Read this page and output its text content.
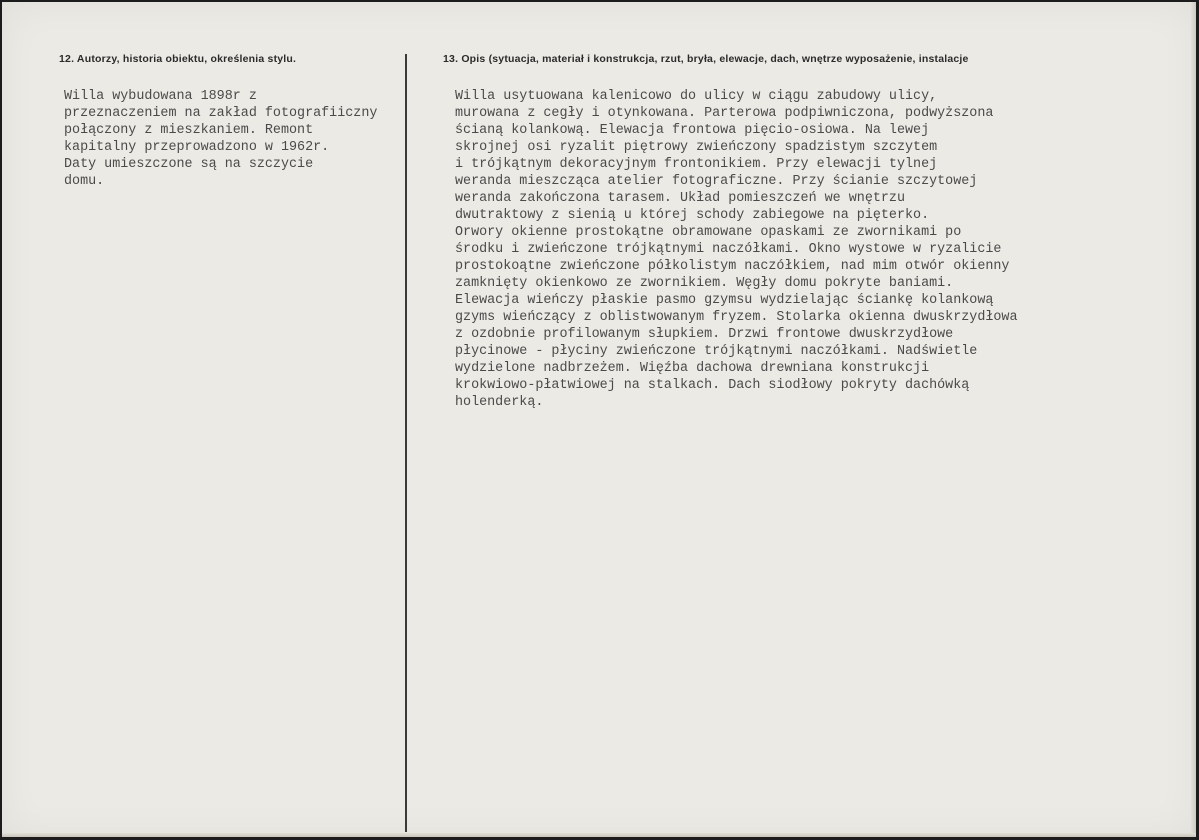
12. Autorzy, historia obiektu, określenia stylu.	13. Opis (sytuacja, materiał i konstrukcja, rzut, bryła, elewacje, dach, wnętrze wyposażenie, instalacje
Willa wybudowana 1898r z
przeznaczeniem na zakład fotografiiczny
połączony z mieszkaniem. Remont
kapitalny przeprowadzono w 1962r.
Daty umieszczone są na szczycie
domu.
Willa usytuowana kalenicowo do ulicy w ciągu zabudowy ulicy,
murowana z cegły i otynkowana. Parterowa podpiwniczona, podwyższona
ścianą kolankową. Elewacja frontowa pięcio-osiowa. Na lewej
skrojnej osi ryzalit piętrowy zwieńczony spadzistym szczytem
i trójkątnym dekoracyjnym frontonikiem. Przy elewacji tylnej
weranda mieszcząca atelier fotograficzne. Przy ścianie szczytowej
weranda zakończona tarasem. Układ pomieszczeń we wnętrzu
dwutraktowy z sienią u której schody zabiegowe na pięterko.
Orwory okienne prostokątne obramowane opaskami ze zwornikami po
środku i zwieńczone trójkątnymi naczółkami. Okno wystowe w ryzalicie
prostokoątne zwieńczone półkolistym naczółkiem, nad mim otwór okienny
zamknięty okienkowo ze zwornikiem. Węgły domu pokryte baniami.
Elewacja wieńczy płaskie pasmo gzymsu wydzielając ściankę kolankową
gzyms wieńczący z oblistwowanym fryzem. Stolarka okienna dwuskrzydłowa
z ozdobnie profilowanym słupkiem. Drzwi frontowe dwuskrzydłowe
płycinowe - płyciny zwieńczone trójkątnymi naczółkami. Nadświetle
wydzielone nadbrzeżem. Więźba dachowa drewniana konstrukcji
krokwiowo-płatwiowej na stalkach. Dach siodłowy pokryty dachówką
holenderką.
